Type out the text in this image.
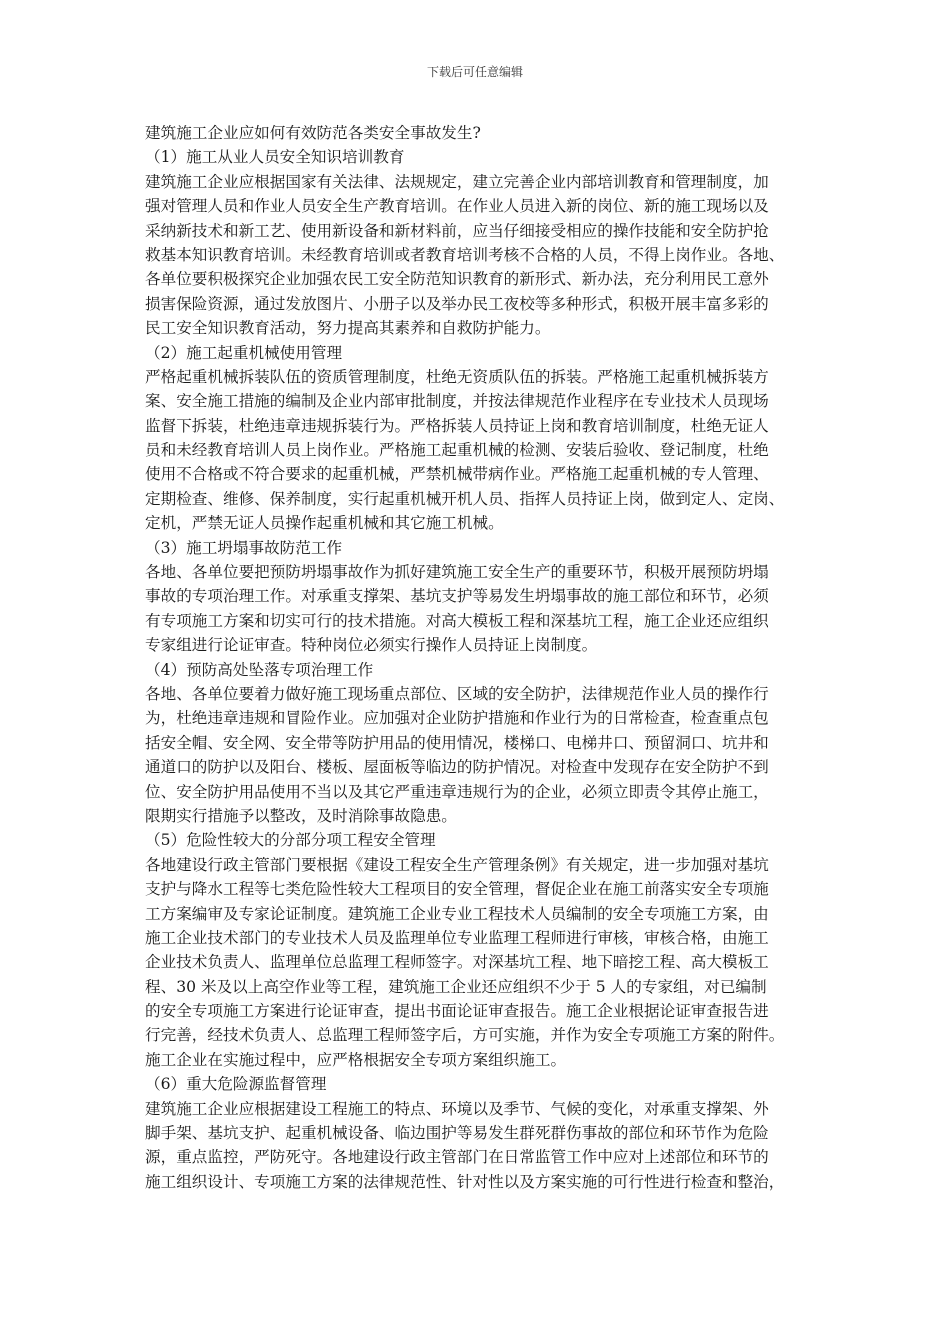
下载后可任意编辑
建筑施工企业应如何有效防范各类安全事故发生?
（1）施工从业人员安全知识培训教育
建筑施工企业应根据国家有关法律、法规规定，建立完善企业内部培训教育和管理制度，加
强对管理人员和作业人员安全生产教育培训。在作业人员进入新的岗位、新的施工现场以及
采纳新技术和新工艺、使用新设备和新材料前，应当仔细接受相应的操作技能和安全防护抢
救基本知识教育培训。未经教育培训或者教育培训考核不合格的人员，不得上岗作业。各地、
各单位要积极探究企业加强农民工安全防范知识教育的新形式、新办法，充分利用民工意外
损害保险资源，通过发放图片、小册子以及举办民工夜校等多种形式，积极开展丰富多彩的
民工安全知识教育活动，努力提高其素养和自救防护能力。
（2）施工起重机械使用管理
严格起重机械拆装队伍的资质管理制度，杜绝无资质队伍的拆装。严格施工起重机械拆装方
案、安全施工措施的编制及企业内部审批制度，并按法律规范作业程序在专业技术人员现场
监督下拆装，杜绝违章违规拆装行为。严格拆装人员持证上岗和教育培训制度，杜绝无证人
员和未经教育培训人员上岗作业。严格施工起重机械的检测、安装后验收、登记制度，杜绝
使用不合格或不符合要求的起重机械，严禁机械带病作业。严格施工起重机械的专人管理、
定期检查、维修、保养制度，实行起重机械开机人员、指挥人员持证上岗，做到定人、定岗、
定机，严禁无证人员操作起重机械和其它施工机械。
（3）施工坍塌事故防范工作
各地、各单位要把预防坍塌事故作为抓好建筑施工安全生产的重要环节，积极开展预防坍塌
事故的专项治理工作。对承重支撑架、基坑支护等易发生坍塌事故的施工部位和环节，必须
有专项施工方案和切实可行的技术措施。对高大模板工程和深基坑工程，施工企业还应组织
专家组进行论证审查。特种岗位必须实行操作人员持证上岗制度。
（4）预防高处坠落专项治理工作
各地、各单位要着力做好施工现场重点部位、区域的安全防护，法律规范作业人员的操作行
为，杜绝违章违规和冒险作业。应加强对企业防护措施和作业行为的日常检查，检查重点包
括安全帽、安全网、安全带等防护用品的使用情况，楼梯口、电梯井口、预留洞口、坑井和
通道口的防护以及阳台、楼板、屋面板等临边的防护情况。对检查中发现存在安全防护不到
位、安全防护用品使用不当以及其它严重违章违规行为的企业，必须立即责令其停止施工，
限期实行措施予以整改，及时消除事故隐患。
（5）危险性较大的分部分项工程安全管理
各地建设行政主管部门要根据《建设工程安全生产管理条例》有关规定，进一步加强对基坑
支护与降水工程等七类危险性较大工程项目的安全管理，督促企业在施工前落实安全专项施
工方案编审及专家论证制度。建筑施工企业专业工程技术人员编制的安全专项施工方案，由
施工企业技术部门的专业技术人员及监理单位专业监理工程师进行审核，审核合格，由施工
企业技术负责人、监理单位总监理工程师签字。对深基坑工程、地下暗挖工程、高大模板工
程、30 米及以上高空作业等工程，建筑施工企业还应组织不少于 5 人的专家组，对已编制
的安全专项施工方案进行论证审查，提出书面论证审查报告。施工企业根据论证审查报告进
行完善，经技术负责人、总监理工程师签字后，方可实施，并作为安全专项施工方案的附件。
施工企业在实施过程中，应严格根据安全专项方案组织施工。
（6）重大危险源监督管理
建筑施工企业应根据建设工程施工的特点、环境以及季节、气候的变化，对承重支撑架、外
脚手架、基坑支护、起重机械设备、临边围护等易发生群死群伤事故的部位和环节作为危险
源，重点监控，严防死守。各地建设行政主管部门在日常监管工作中应对上述部位和环节的
施工组织设计、专项施工方案的法律规范性、针对性以及方案实施的可行性进行检查和整治，
